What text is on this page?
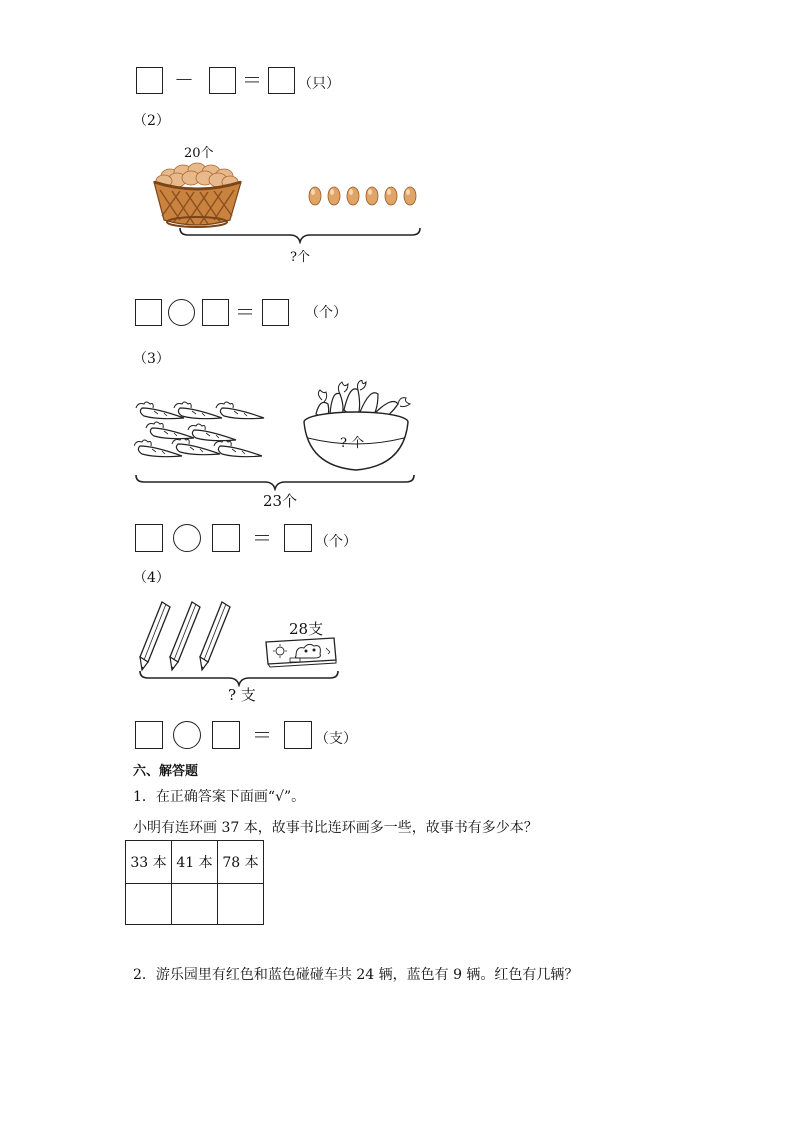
－ ＝	（只）
（2）
20个
?个
＝	（个）
（3）
? 个
23个
＝	（个）
（4）
28支
? 支
＝	（支）
六、解答题
1．在正确答案下面画“√”。
小明有连环画 37 本，故事书比连环画多一些，故事书有多少本？
33 本	41 本	78 本

2．游乐园里有红色和蓝色碰碰车共 24 辆，蓝色有 9 辆。红色有几辆？
